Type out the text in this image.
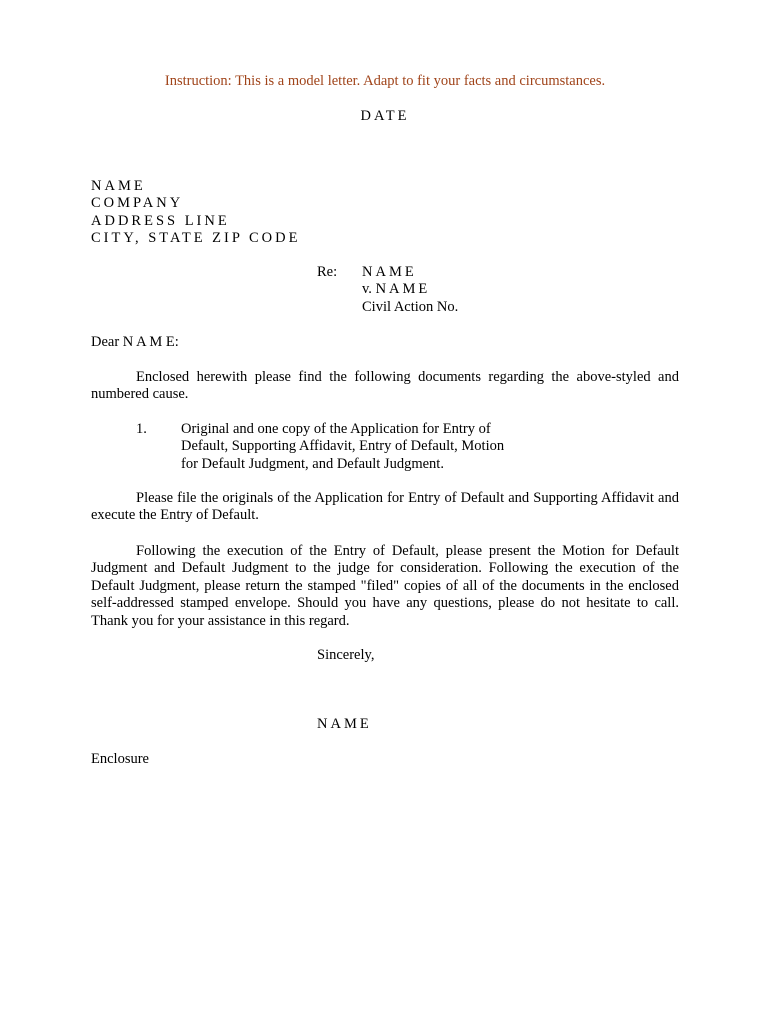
Instruction: This is a model letter. Adapt to fit your facts and circumstances.
DATE
NAME
COMPANY
ADDRESS LINE
CITY, STATE ZIP CODE
Re: NAME
v. NAME
Civil Action No.
Dear N A M E:
Enclosed herewith please find the following documents regarding the above-styled and numbered cause.
1. Original and one copy of the Application for Entry of
Default, Supporting Affidavit, Entry of Default, Motion
for Default Judgment, and Default Judgment.
Please file the originals of the Application for Entry of Default and Supporting Affidavit and execute the Entry of Default.
Following the execution of the Entry of Default, please present the Motion for Default Judgment and Default Judgment to the judge for consideration. Following the execution of the Default Judgment, please return the stamped "filed" copies of all of the documents in the enclosed self-addressed stamped envelope. Should you have any questions, please do not hesitate to call. Thank you for your assistance in this regard.
Sincerely,
NAME
Enclosure
